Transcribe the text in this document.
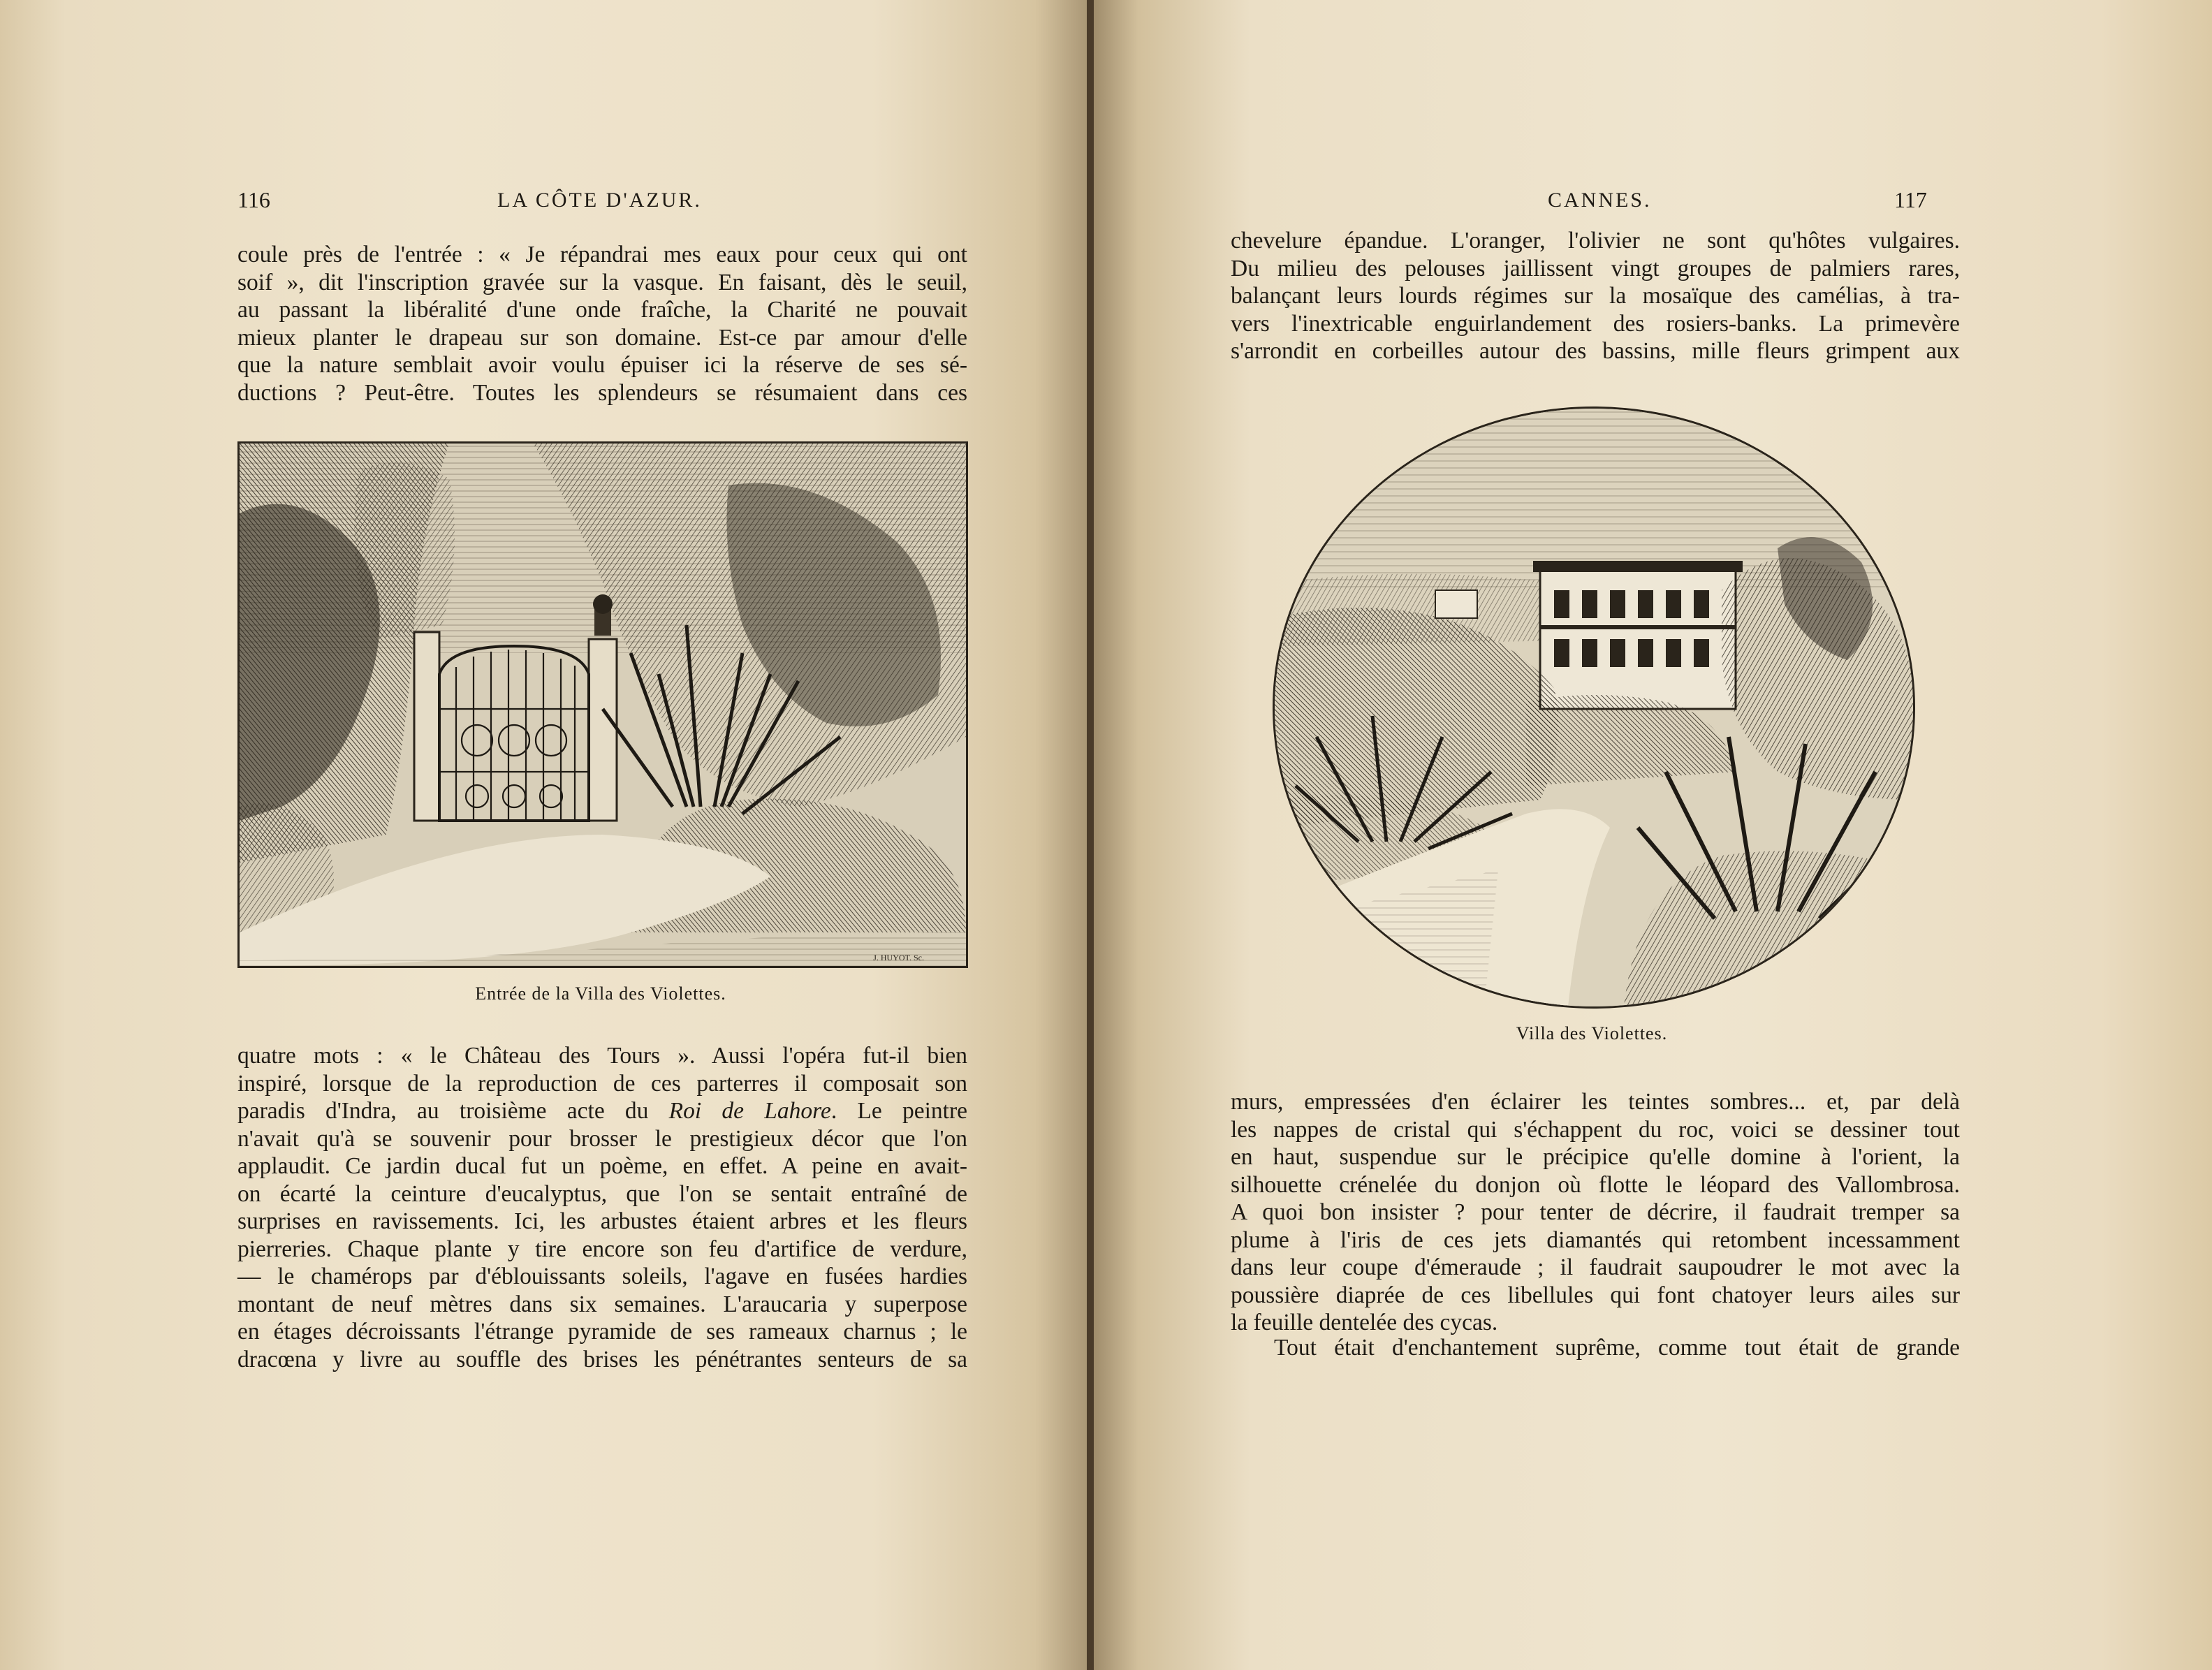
116	LA CÔTE D'AZUR.
coule près de l'entrée : « Je répandrai mes eaux pour ceux qui ont
soif », dit l'inscription gravée sur la vasque. En faisant, dès le seuil,
au passant la libéralité d'une onde fraîche, la Charité ne pouvait
mieux planter le drapeau sur son domaine. Est-ce par amour d'elle
que la nature semblait avoir voulu épuiser ici la réserve de ses sé-
ductions ? Peut-être. Toutes les splendeurs se résumaient dans ces
J. HUYOT. Sc.
Entrée de la Villa des Violettes.
quatre mots : « le Château des Tours ». Aussi l'opéra fut-il bien
inspiré, lorsque de la reproduction de ces parterres il composait son
paradis d'Indra, au troisième acte du Roi de Lahore. Le peintre
n'avait qu'à se souvenir pour brosser le prestigieux décor que l'on
applaudit. Ce jardin ducal fut un poème, en effet. A peine en avait-
on écarté la ceinture d'eucalyptus, que l'on se sentait entraîné de
surprises en ravissements. Ici, les arbustes étaient arbres et les fleurs
pierreries. Chaque plante y tire encore son feu d'artifice de verdure,
— le chamérops par d'éblouissants soleils, l'agave en fusées hardies
montant de neuf mètres dans six semaines. L'araucaria y superpose
en étages décroissants l'étrange pyramide de ses rameaux charnus ; le
dracœna y livre au souffle des brises les pénétrantes senteurs de sa
CANNES.	117
chevelure épandue. L'oranger, l'olivier ne sont qu'hôtes vulgaires.
Du milieu des pelouses jaillissent vingt groupes de palmiers rares,
balançant leurs lourds régimes sur la mosaïque des camélias, à tra-
vers l'inextricable enguirlandement des rosiers-banks. La primevère
s'arrondit en corbeilles autour des bassins, mille fleurs grimpent aux
Villa des Violettes.
murs, empressées d'en éclairer les teintes sombres... et, par delà
les nappes de cristal qui s'échappent du roc, voici se dessiner tout
en haut, suspendue sur le précipice qu'elle domine à l'orient, la
silhouette crénelée du donjon où flotte le léopard des Vallombrosa.
A quoi bon insister ? pour tenter de décrire, il faudrait tremper sa
plume à l'iris de ces jets diamantés qui retombent incessamment
dans leur coupe d'émeraude ; il faudrait saupoudrer le mot avec la
poussière diaprée de ces libellules qui font chatoyer leurs ailes sur
la feuille dentelée des cycas.
Tout était d'enchantement suprême, comme tout était de grande
